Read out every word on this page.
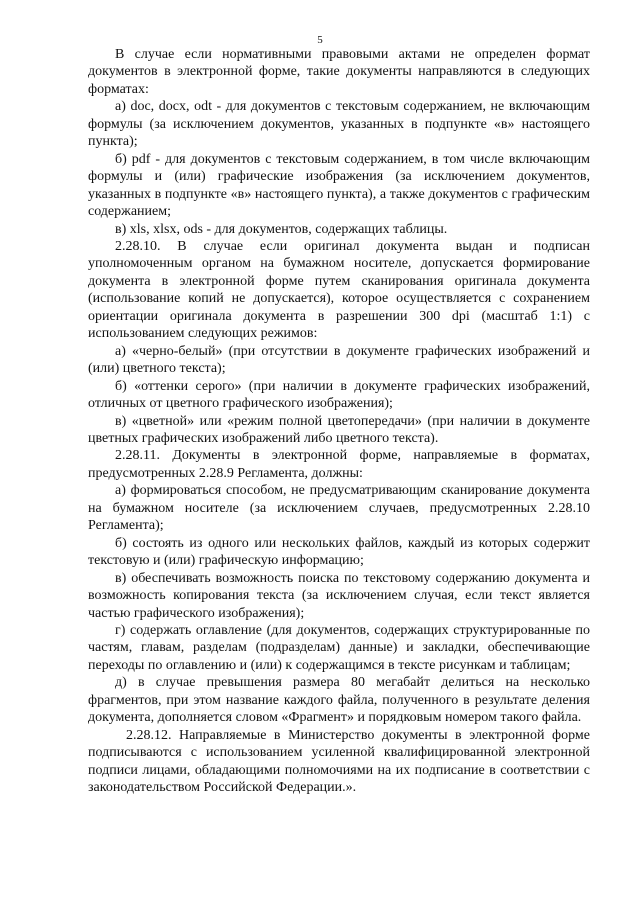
5

В случае если нормативными правовыми актами не определен формат документов в электронной форме, такие документы направляются в следующих форматах:

а) doc, docx, odt - для документов с текстовым содержанием, не включающим формулы (за исключением документов, указанных в подпункте «в» настоящего пункта);

б) pdf - для документов с текстовым содержанием, в том числе включающим формулы и (или) графические изображения (за исключением документов, указанных в подпункте «в» настоящего пункта), а также документов с графическим содержанием;

в) xls, xlsx, ods - для документов, содержащих таблицы.

2.28.10. В случае если оригинал документа выдан и подписан уполномоченным органом на бумажном носителе, допускается формирование документа в электронной форме путем сканирования оригинала документа (использование копий не допускается), которое осуществляется с сохранением ориентации оригинала документа в разрешении 300 dpi (масштаб 1:1) с использованием следующих режимов:

а) «черно-белый» (при отсутствии в документе графических изображений и (или) цветного текста);

б) «оттенки серого» (при наличии в документе графических изображений, отличных от цветного графического изображения);

в) «цветной» или «режим полной цветопередачи» (при наличии в документе цветных графических изображений либо цветного текста).

2.28.11. Документы в электронной форме, направляемые в форматах, предусмотренных 2.28.9 Регламента, должны:

а) формироваться способом, не предусматривающим сканирование документа на бумажном носителе (за исключением случаев, предусмотренных 2.28.10 Регламента);

б) состоять из одного или нескольких файлов, каждый из которых содержит текстовую и (или) графическую информацию;

в) обеспечивать возможность поиска по текстовому содержанию документа и возможность копирования текста (за исключением случая, если текст является частью графического изображения);

г) содержать оглавление (для документов, содержащих структурированные по частям, главам, разделам (подразделам) данные) и закладки, обеспечивающие переходы по оглавлению и (или) к содержащимся в тексте рисункам и таблицам;

д) в случае превышения размера 80 мегабайт делиться на несколько фрагментов, при этом название каждого файла, полученного в результате деления документа, дополняется словом «Фрагмент» и порядковым номером такого файла.

2.28.12. Направляемые в Министерство документы в электронной форме подписываются с использованием усиленной квалифицированной электронной подписи лицами, обладающими полномочиями на их подписание в соответствии с законодательством Российской Федерации.».
